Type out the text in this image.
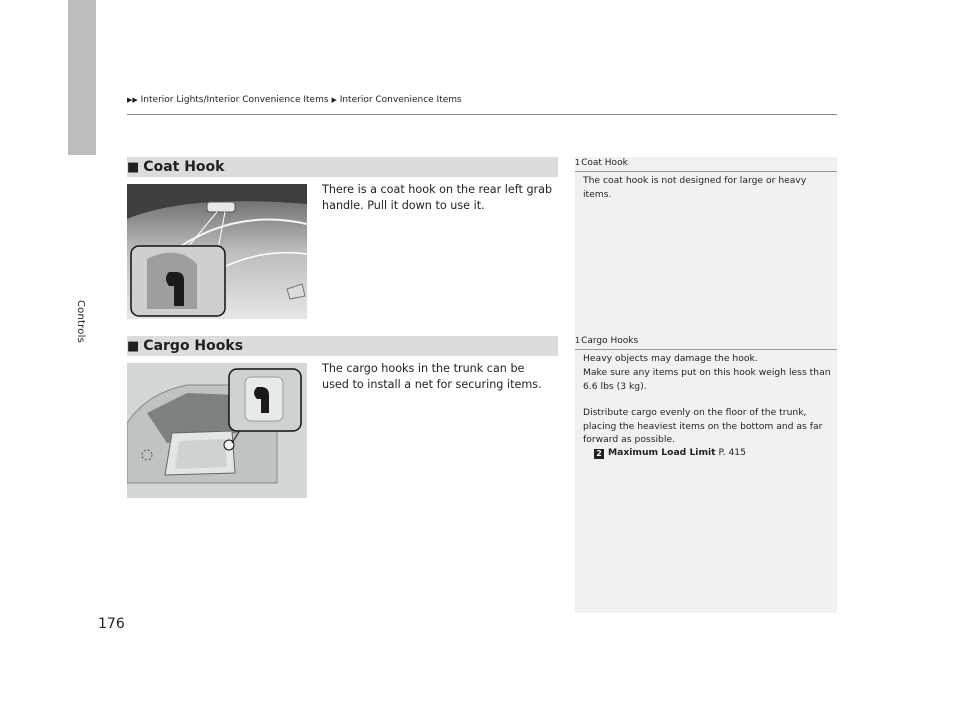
Controls
▶▶ Interior Lights/Interior Convenience Items ▶ Interior Convenience Items
■ Coat Hook
There is a coat hook on the rear left grab handle. Pull it down to use it.
■ Cargo Hooks
The cargo hooks in the trunk can be used to install a net for securing items.
1Coat Hook
The coat hook is not designed for large or heavy items.
1Cargo Hooks
Heavy objects may damage the hook.
Make sure any items put on this hook weigh less than 6.6 lbs (3 kg).
Distribute cargo evenly on the floor of the trunk, placing the heaviest items on the bottom and as far forward as possible.
2 Maximum Load Limit P. 415
176
